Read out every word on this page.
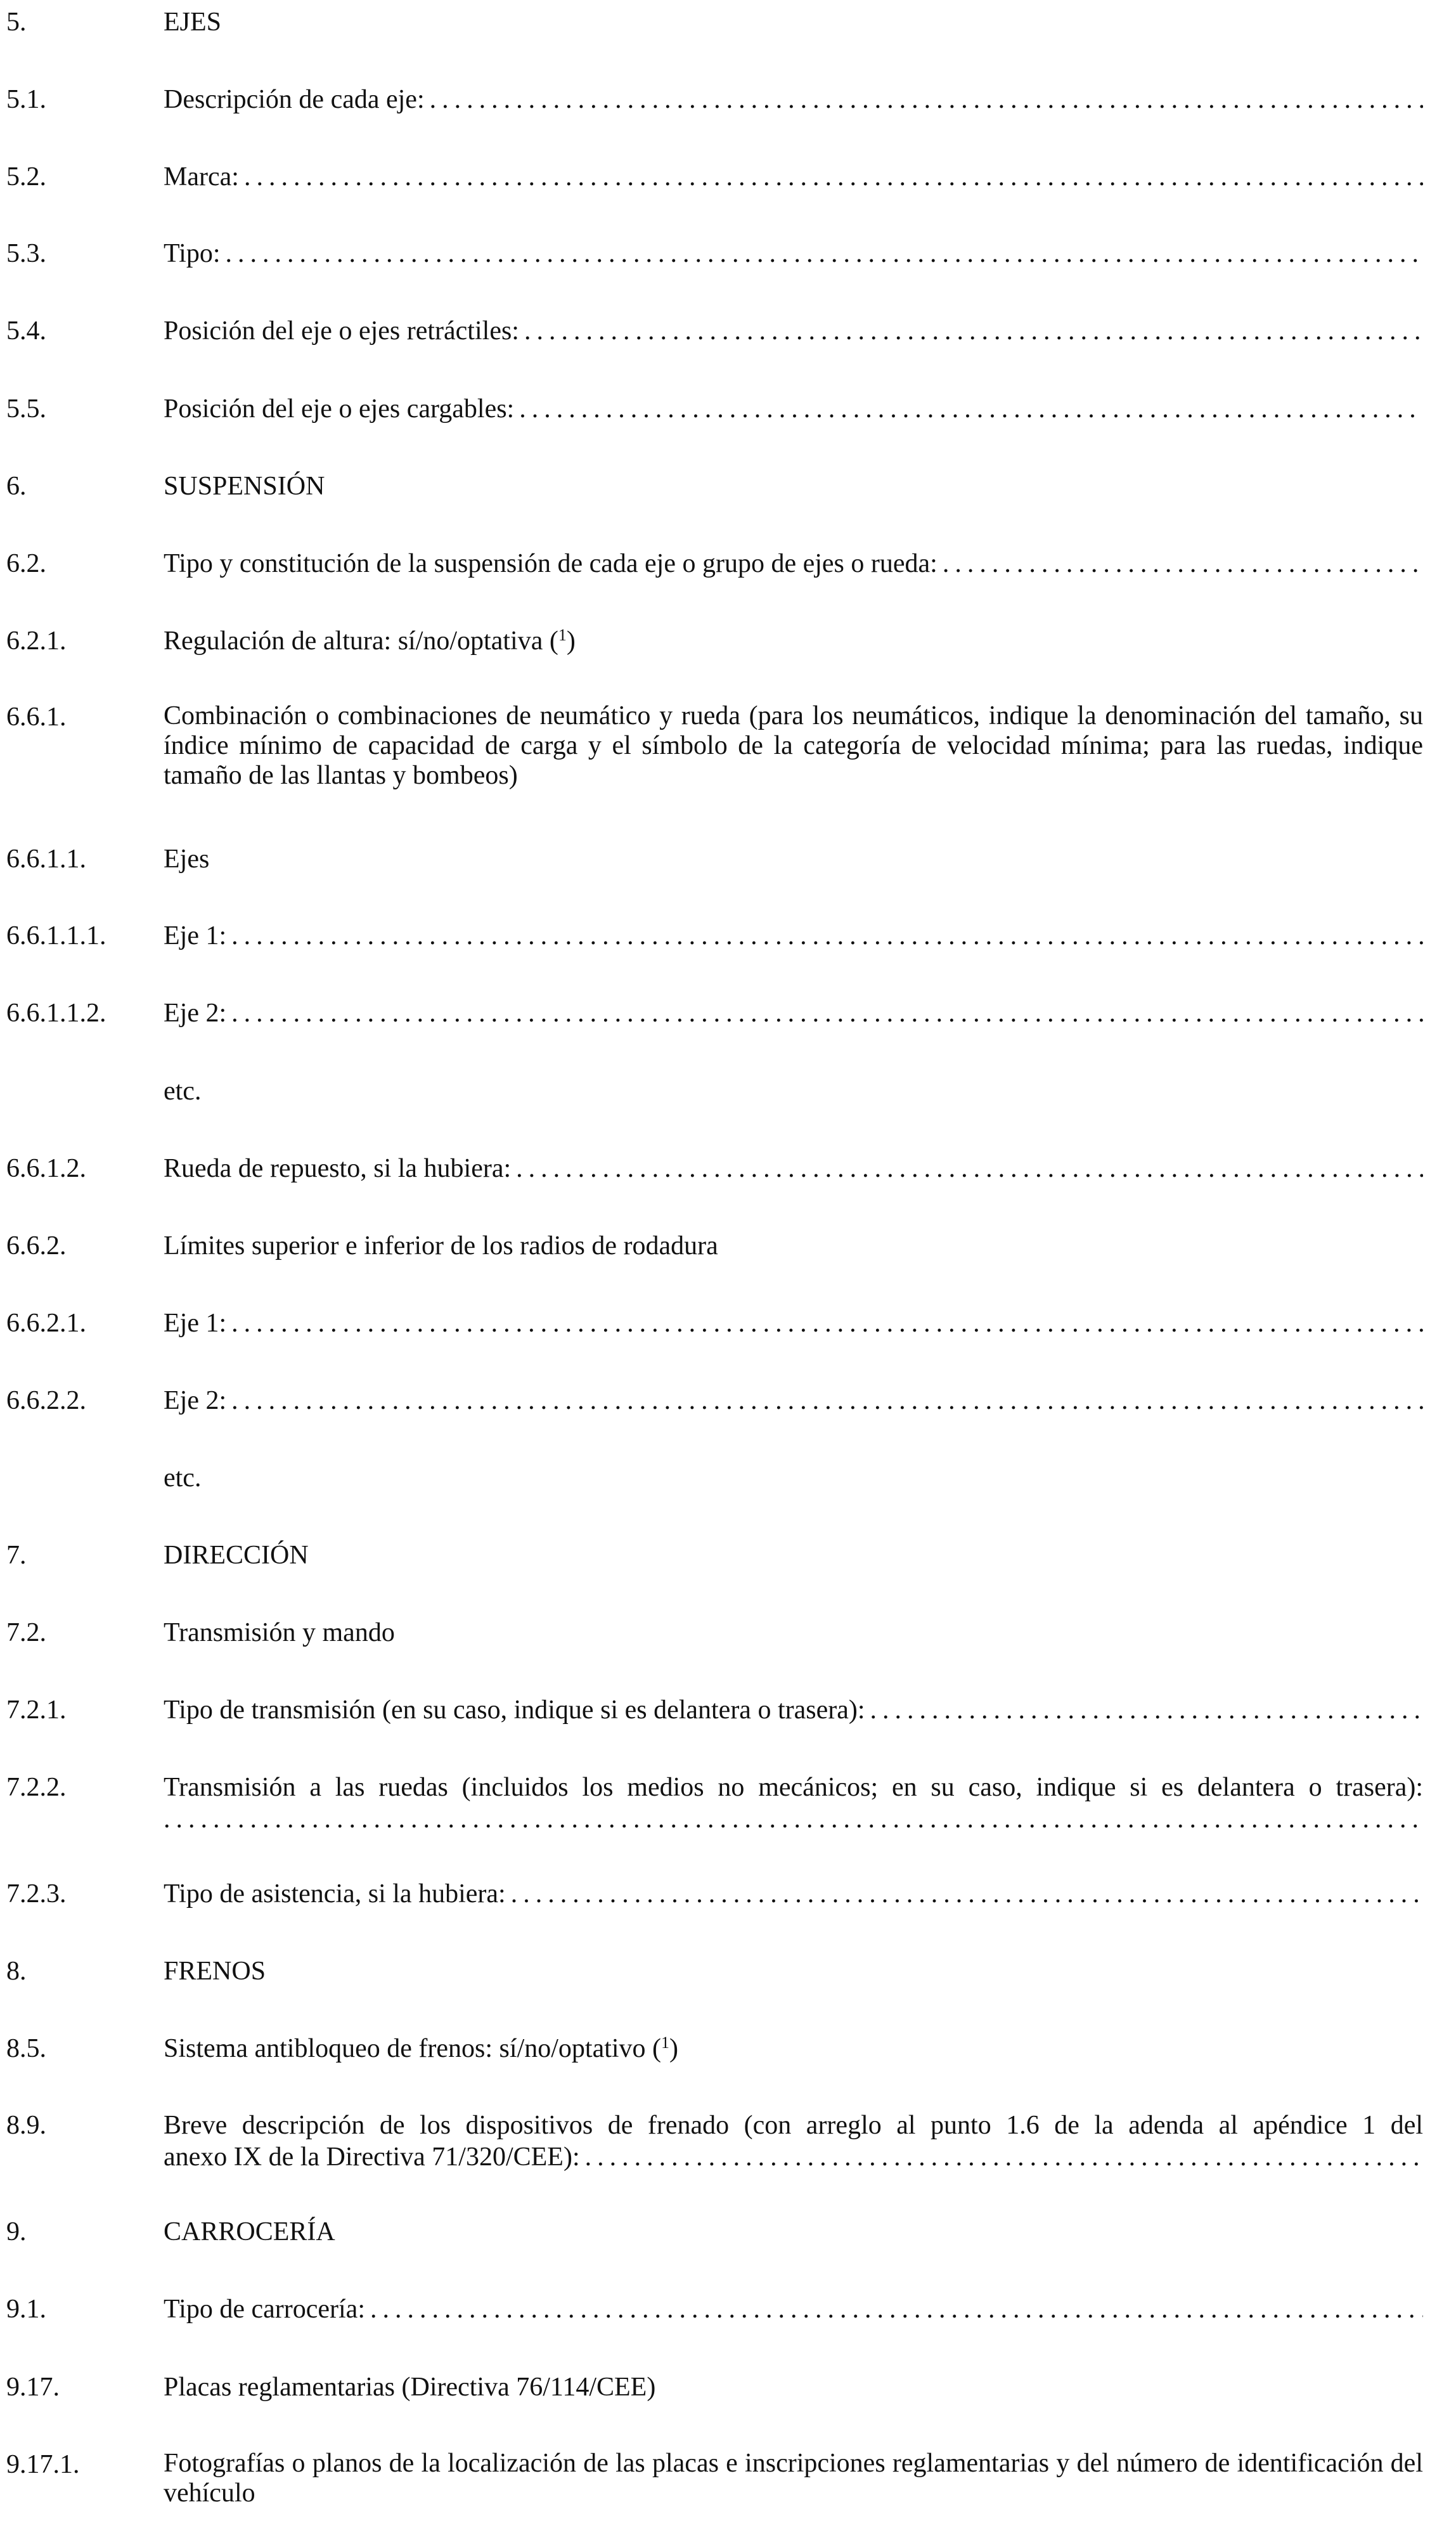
5.	EJES
5.1.	Descripción de cada eje:
.....
5.2.	Marca:
.....
5.3.	Tipo:
.....
5.4.	Posición del eje o ejes retráctiles:
.....
5.5.	Posición del eje o ejes cargables:
.....
6.	SUSPENSIÓN
6.2.	Tipo y constitución de la suspensión de cada eje o grupo de ejes o rueda:
.....
6.2.1.	Regulación de altura: sí/no/optativa ($^1$)
6.6.1.	Combinación o combinaciones de neumático y rueda (para los neumáticos, indique la denominación del tamaño, su índice mínimo de capacidad de carga y el símbolo de la categoría de velocidad mínima; para las ruedas, indique tamaño de las llantas y bombeos)
6.6.1.1.	Ejes
6.6.1.1.1. Eje 1:
.....
6.6.1.1.2. Eje 2:
.....
etc.
6.6.1.2.	Rueda de repuesto, si la hubiera:
.....
6.6.2.	Límites superior e inferior de los radios de rodadura
6.6.2.1.	Eje 1:
.....
6.6.2.2.	Eje 2:
.....
etc.
7.	DIRECCIÓN
7.2.	Transmisión y mando
7.2.1.	Tipo de transmisión (en su caso, indique si es delantera o trasera):
.....
7.2.2.	Transmisión a las ruedas (incluidos los medios no mecánicos; en su caso, indique si es delantera o trasera):
.....
7.2.3.	Tipo de asistencia, si la hubiera:
.....
8.	FRENOS
8.5.	Sistema antibloqueo de frenos: sí/no/optativo ($^1$)
8.9.	Breve descripción de los dispositivos de frenado (con arreglo al punto 1.6 de la adenda al apéndice 1 del
anexo IX de la Directiva 71/320/CEE):
.....
9.	CARROCERÍA
9.1.	Tipo de carrocería:
.....
9.17.	Placas reglamentarias (Directiva 76/114/CEE)
9.17.1.	Fotografías o planos de la localización de las placas e inscripciones reglamentarias y del número de identificación del vehículo
